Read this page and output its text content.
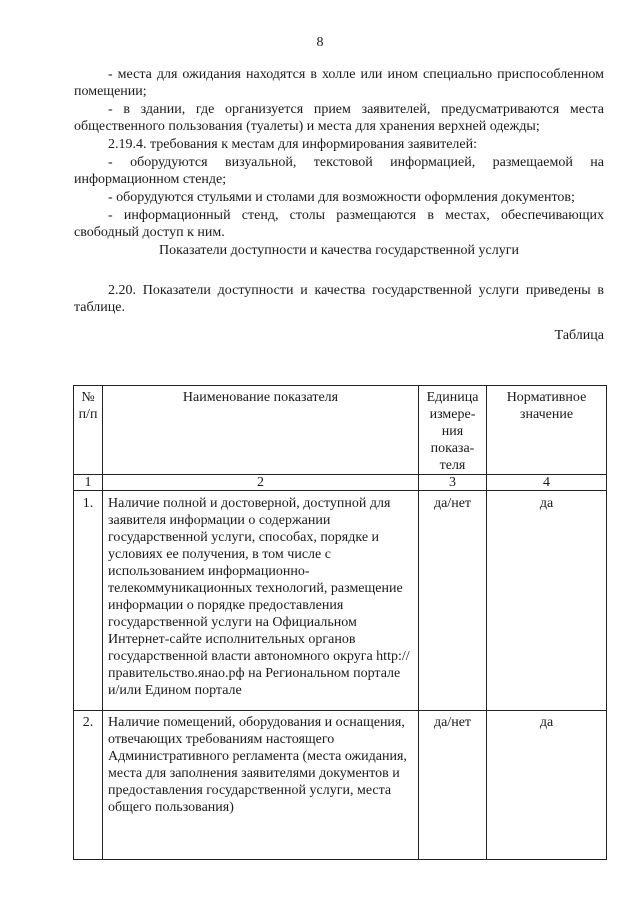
8

- места для ожидания находятся в холле или ином специально приспособленном помещении;

- в здании, где организуется прием заявителей, предусматриваются места общественного пользования (туалеты) и места для хранения верхней одежды;

2.19.4. требования к местам для информирования заявителей:

- оборудуются визуальной, текстовой информацией, размещаемой на информационном стенде;

- оборудуются стульями и столами для возможности оформления документов;

- информационный стенд, столы размещаются в местах, обеспечивающих свободный доступ к ним.

Показатели доступности и качества государственной услуги

2.20. Показатели доступности и качества государственной услуги приведены в таблице.

Таблица
№ п/п	Наименование показателя	Единица измере-ния показа-теля	Нормативное значение
1	2	3	4
1.	Наличие полной и достоверной, доступной для заявителя информации о содержании государственной услуги, способах, порядке и условиях ее получения, в том числе с использованием информационно-телекоммуникационных технологий, размещение информации о порядке предоставления государственной услуги на Официальном Интернет-сайте исполнительных органов государственной власти автономного округа http://правительство.янао.рф на Региональном портале и/или Едином портале	да/нет	да
2.	Наличие помещений, оборудования и оснащения, отвечающих требованиям настоящего Административного регламента (места ожидания, места для заполнения заявителями документов и предоставления государственной услуги, места общего пользования)	да/нет	да
